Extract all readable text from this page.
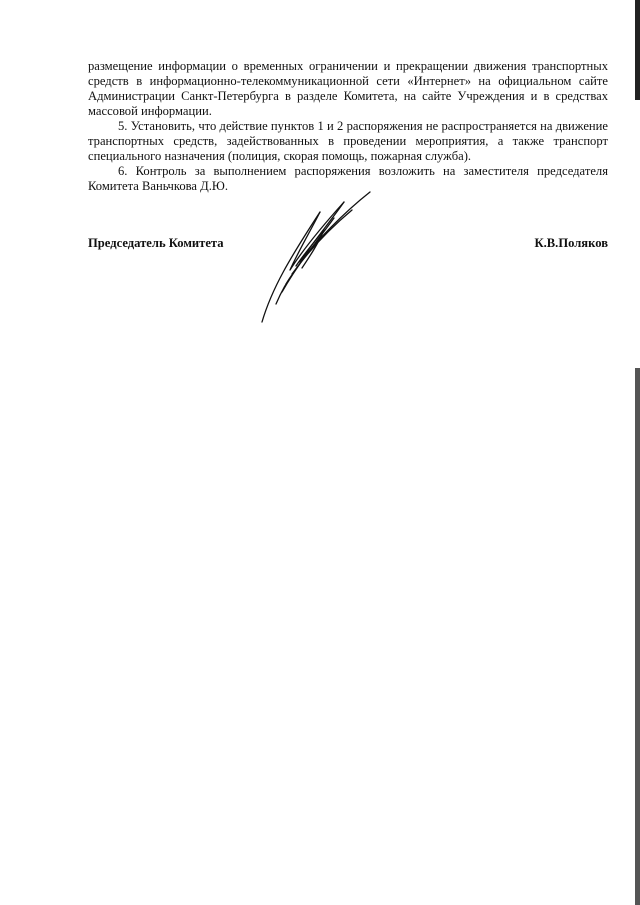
размещение информации о временных ограничении и прекращении движения транспортных средств в информационно-телекоммуникационной сети «Интернет» на официальном сайте Администрации Санкт-Петербурга в разделе Комитета, на сайте Учреждения и в средствах массовой информации.

5. Установить, что действие пунктов 1 и 2 распоряжения не распространяется на движение транспортных средств, задействованных в проведении мероприятия, а также транспорт специального назначения (полиция, скорая помощь, пожарная служба).

6. Контроль за выполнением распоряжения возложить на заместителя председателя Комитета Ваньчкова Д.Ю.

Председатель Комитета	К.В.Поляков
